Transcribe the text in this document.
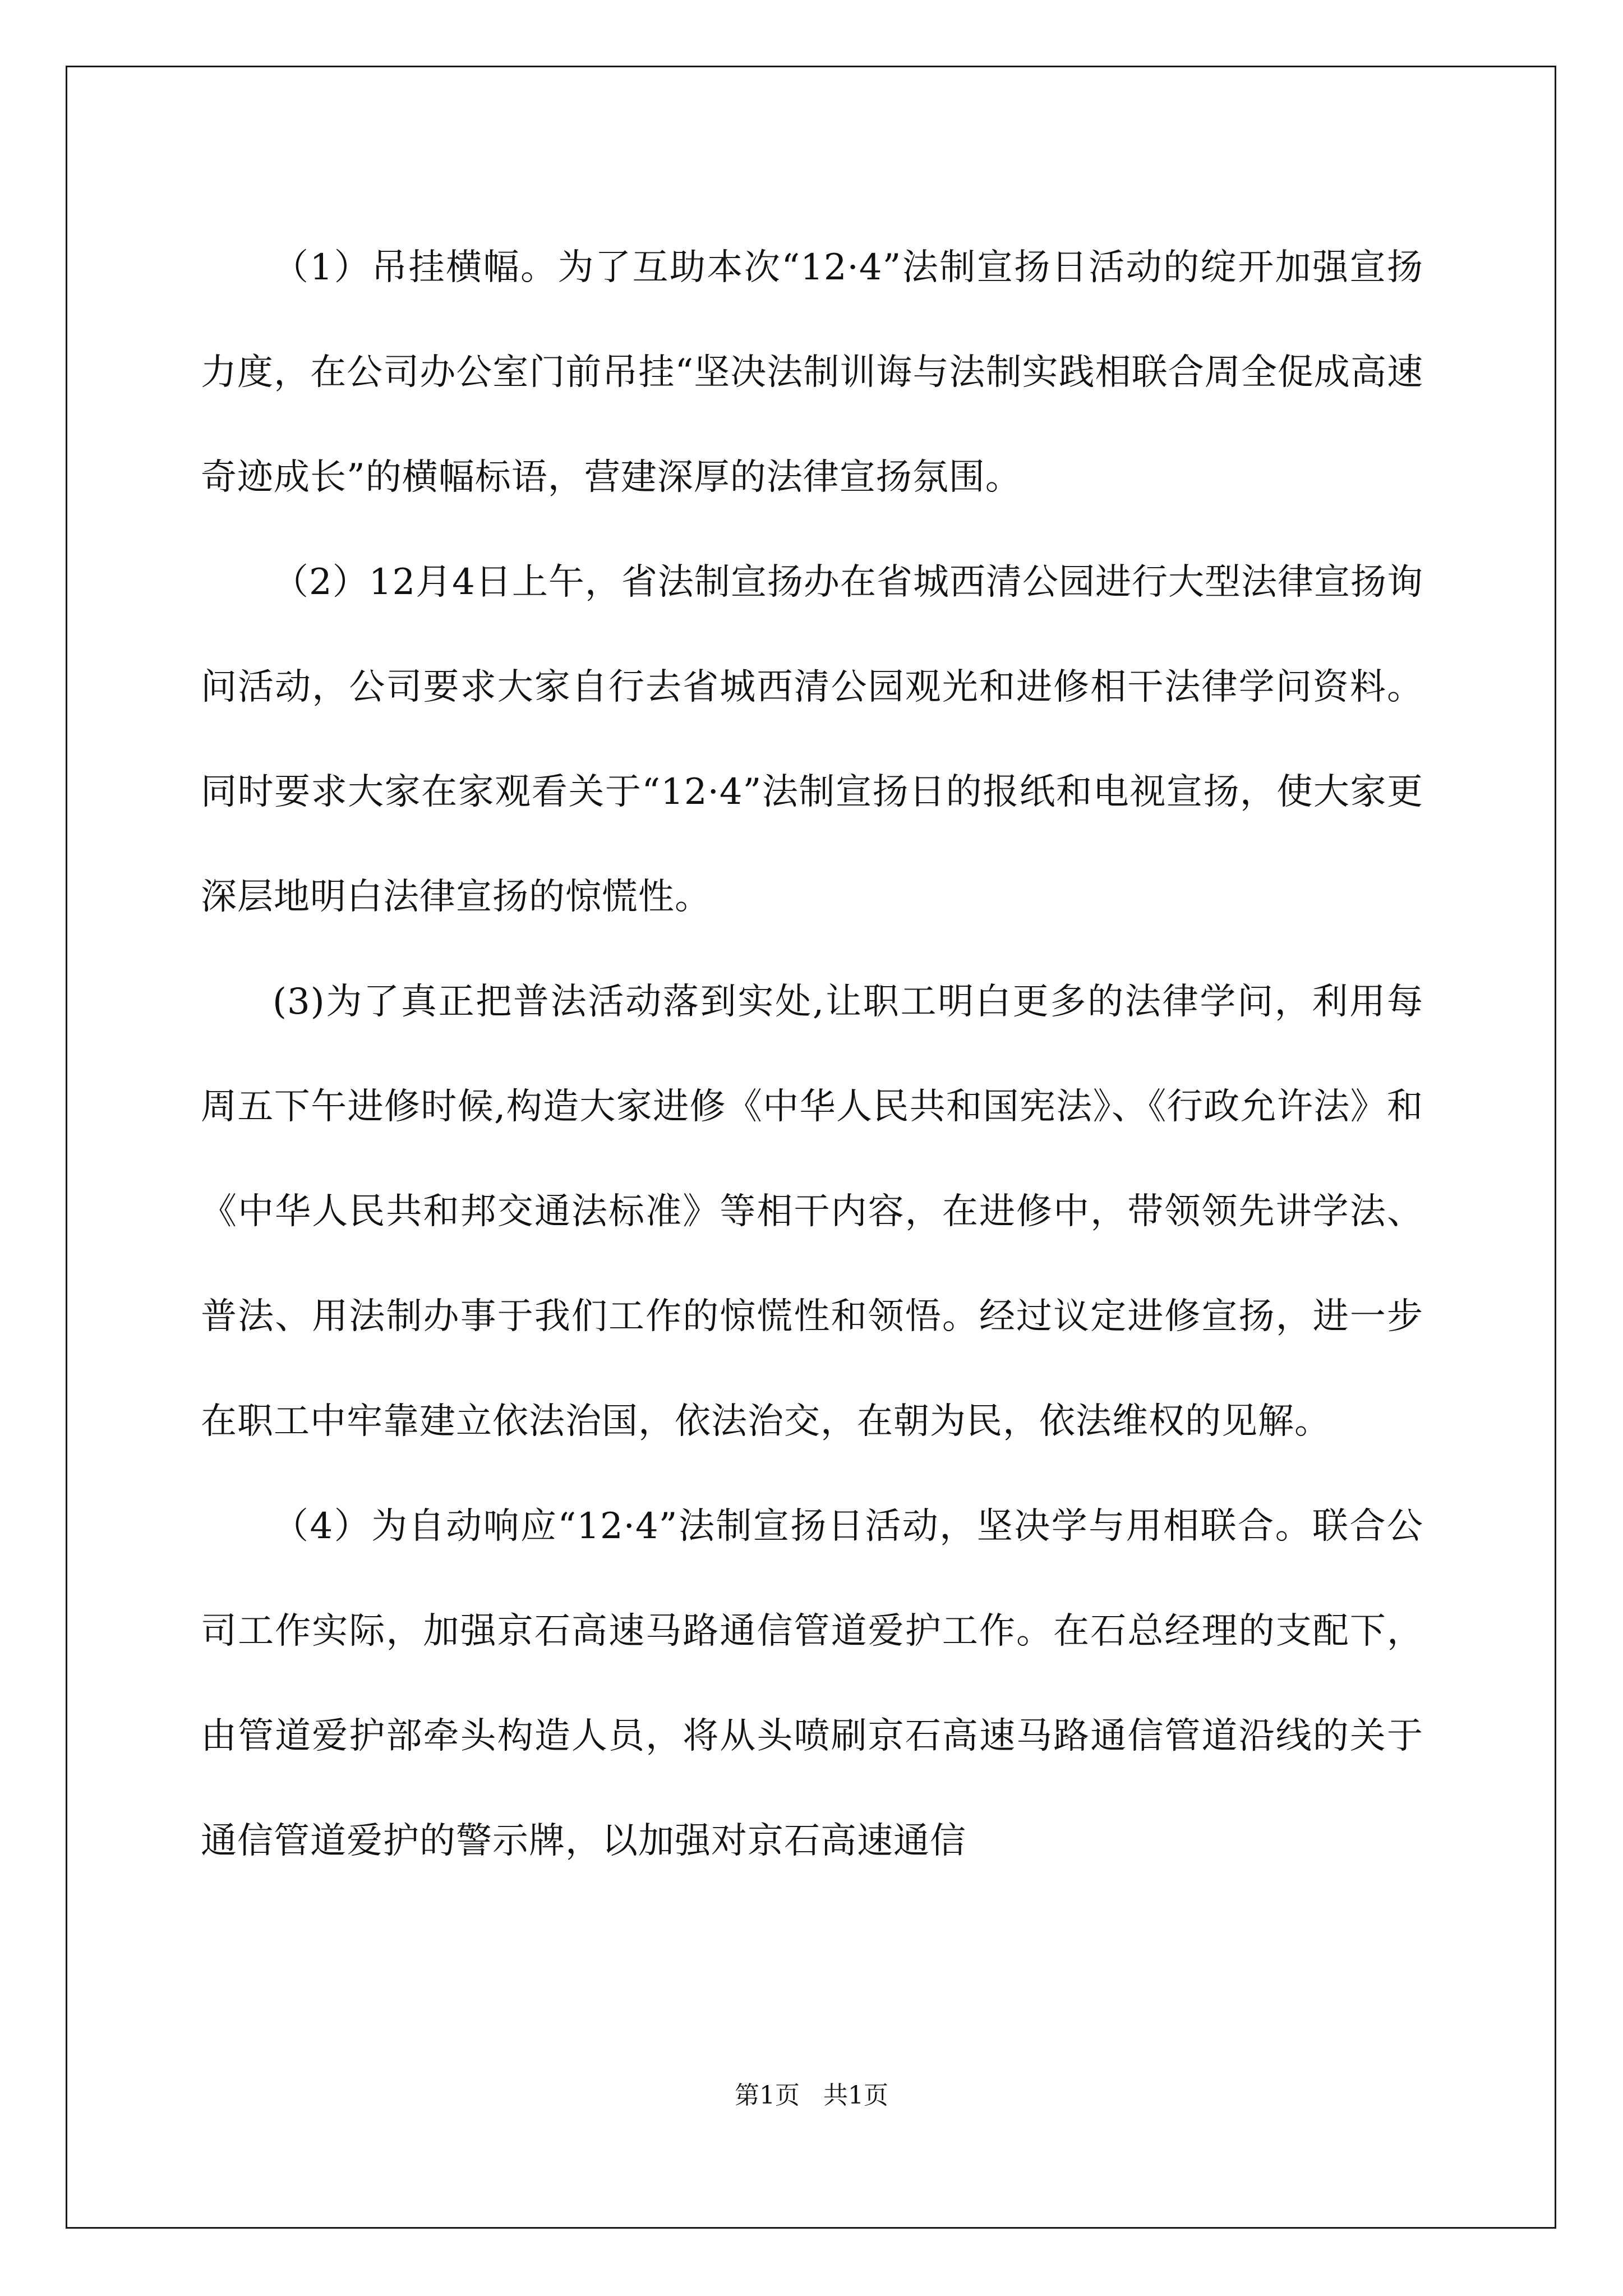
（1）吊挂横幅。为了互助本次“12·4”法制宣扬日活动的绽开加强宣扬力度，在公司办公室门前吊挂“坚决法制训诲与法制实践相联合周全促成高速奇迹成长”的横幅标语，营建深厚的法律宣扬氛围。

（2）12月4日上午，省法制宣扬办在省城西清公园进行大型法律宣扬询问活动，公司要求大家自行去省城西清公园观光和进修相干法律学问资料。同时要求大家在家观看关于“12·4”法制宣扬日的报纸和电视宣扬，使大家更深层地明白法律宣扬的惊慌性。

(3)为了真正把普法活动落到实处,让职工明白更多的法律学问，利用每周五下午进修时候,构造大家进修《中华人民共和国宪法》、《行政允许法》和《中华人民共和邦交通法标准》等相干内容，在进修中，带领领先讲学法、普法、用法制办事于我们工作的惊慌性和领悟。经过议定进修宣扬，进一步在职工中牢靠建立依法治国，依法治交，在朝为民，依法维权的见解。

（4）为自动响应“12·4”法制宣扬日活动，坚决学与用相联合。联合公司工作实际，加强京石高速马路通信管道爱护工作。在石总经理的支配下，由管道爱护部牵头构造人员，将从头喷刷京石高速马路通信管道沿线的关于通信管道爱护的警示牌，以加强对京石高速通信

第1页 共1页
